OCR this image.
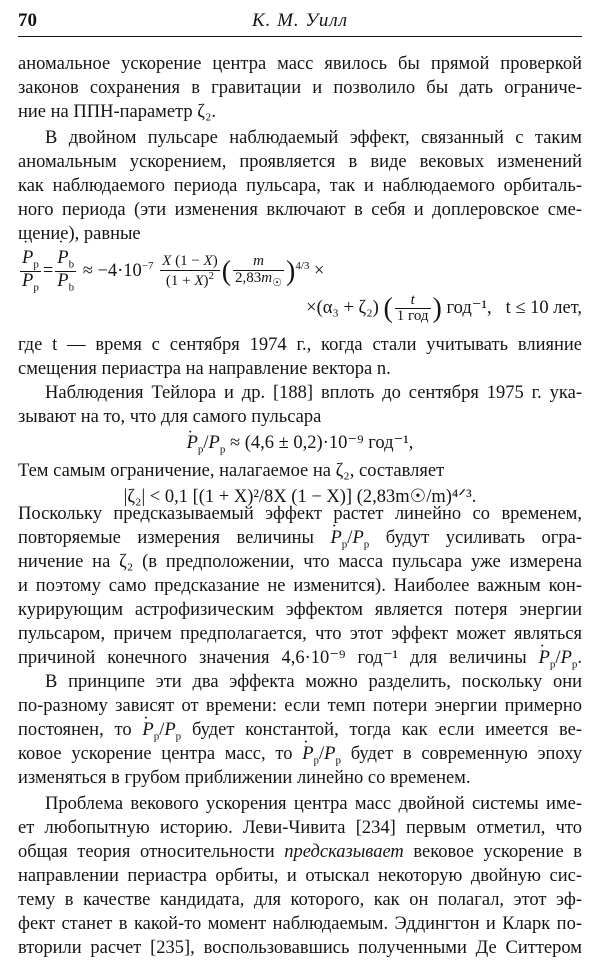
70	К. М. Уилл
аномальное ускорение центра масс явилось бы прямой проверкой
законов сохранения в гравитации и позволило бы дать ограниче-
ние на ППН-параметр ζ₂.
В двойном пульсаре наблюдаемый эффект, связанный с таким
аномальным ускорением, проявляется в виде вековых изменений
как наблюдаемого периода пульсара, так и наблюдаемого орбиталь-
ного периода (эти изменения включают в себя и доплеровское сме-
щение), равные
· $\frac{P_p}{P_p}$ = · $\frac{P_b}{P_b} \approx -4\cdot 10^{-7} \frac{X (1 - X)}{(1 + X)^2}$ ( $\frac{m}{2,83m_☉} )^{4/3}$ ×
×(α₃ + ζ₂) ( $\frac{t}{\text{1 год}}$ ) год⁻¹, t ≤ 10 лет,
где t — время с сентября 1974 г., когда стали учитывать влияние
смещения периастра на направление вектора n.
Наблюдения Тейлора и др. [188] вплоть до сентября 1975 г. ука-
зывают на то, что для самого пульсара
· $P_p/P_p \approx (4,6 \pm 0,2)\cdot 10^{-9}$ год⁻¹,
Тем самым ограничение, налагаемое на ζ₂, составляет
|ζ₂| < 0,1 [(1 + X)²/8X (1 − X)] (2,83m☉/m)⁴ᐟ³.
Поскольку предсказываемый эффект растет линейно со временем,
повторяемые измерения величины · $P_p/P_p$ будут усиливать огра-
ничение на ζ₂ (в предположении, что масса пульсара уже измерена
и поэтому само предсказание не изменится). Наиболее важным кон-
курирующим астрофизическим эффектом является потеря энергии
пульсаром, причем предполагается, что этот эффект может являться
причиной конечного значения 4,6·10⁻⁹ год⁻¹ для величины · $P_p/P_p$.
В принципе эти два эффекта можно разделить, поскольку они
по-разному зависят от времени: если темп потери энергии примерно
постоянен, то · $P_p/P_p$ будет константой, тогда как если имеется ве-
ковое ускорение центра масс, то · $P_p/P_p$ будет в современную эпоху
изменяться в грубом приближении линейно со временем.
Проблема векового ускорения центра масс двойной системы име-
ет любопытную историю. Леви-Чивита [234] первым отметил, что
общая теория относительности предсказывает вековое ускорение в
направлении периастра орбиты, и отыскал некоторую двойную сис-
тему в качестве кандидата, для которого, как он полагал, этот эф-
фект станет в какой-то момент наблюдаемым. Эддингтон и Кларк по-
вторили расчет [235], воспользовавшись полученными Де Ситтером
